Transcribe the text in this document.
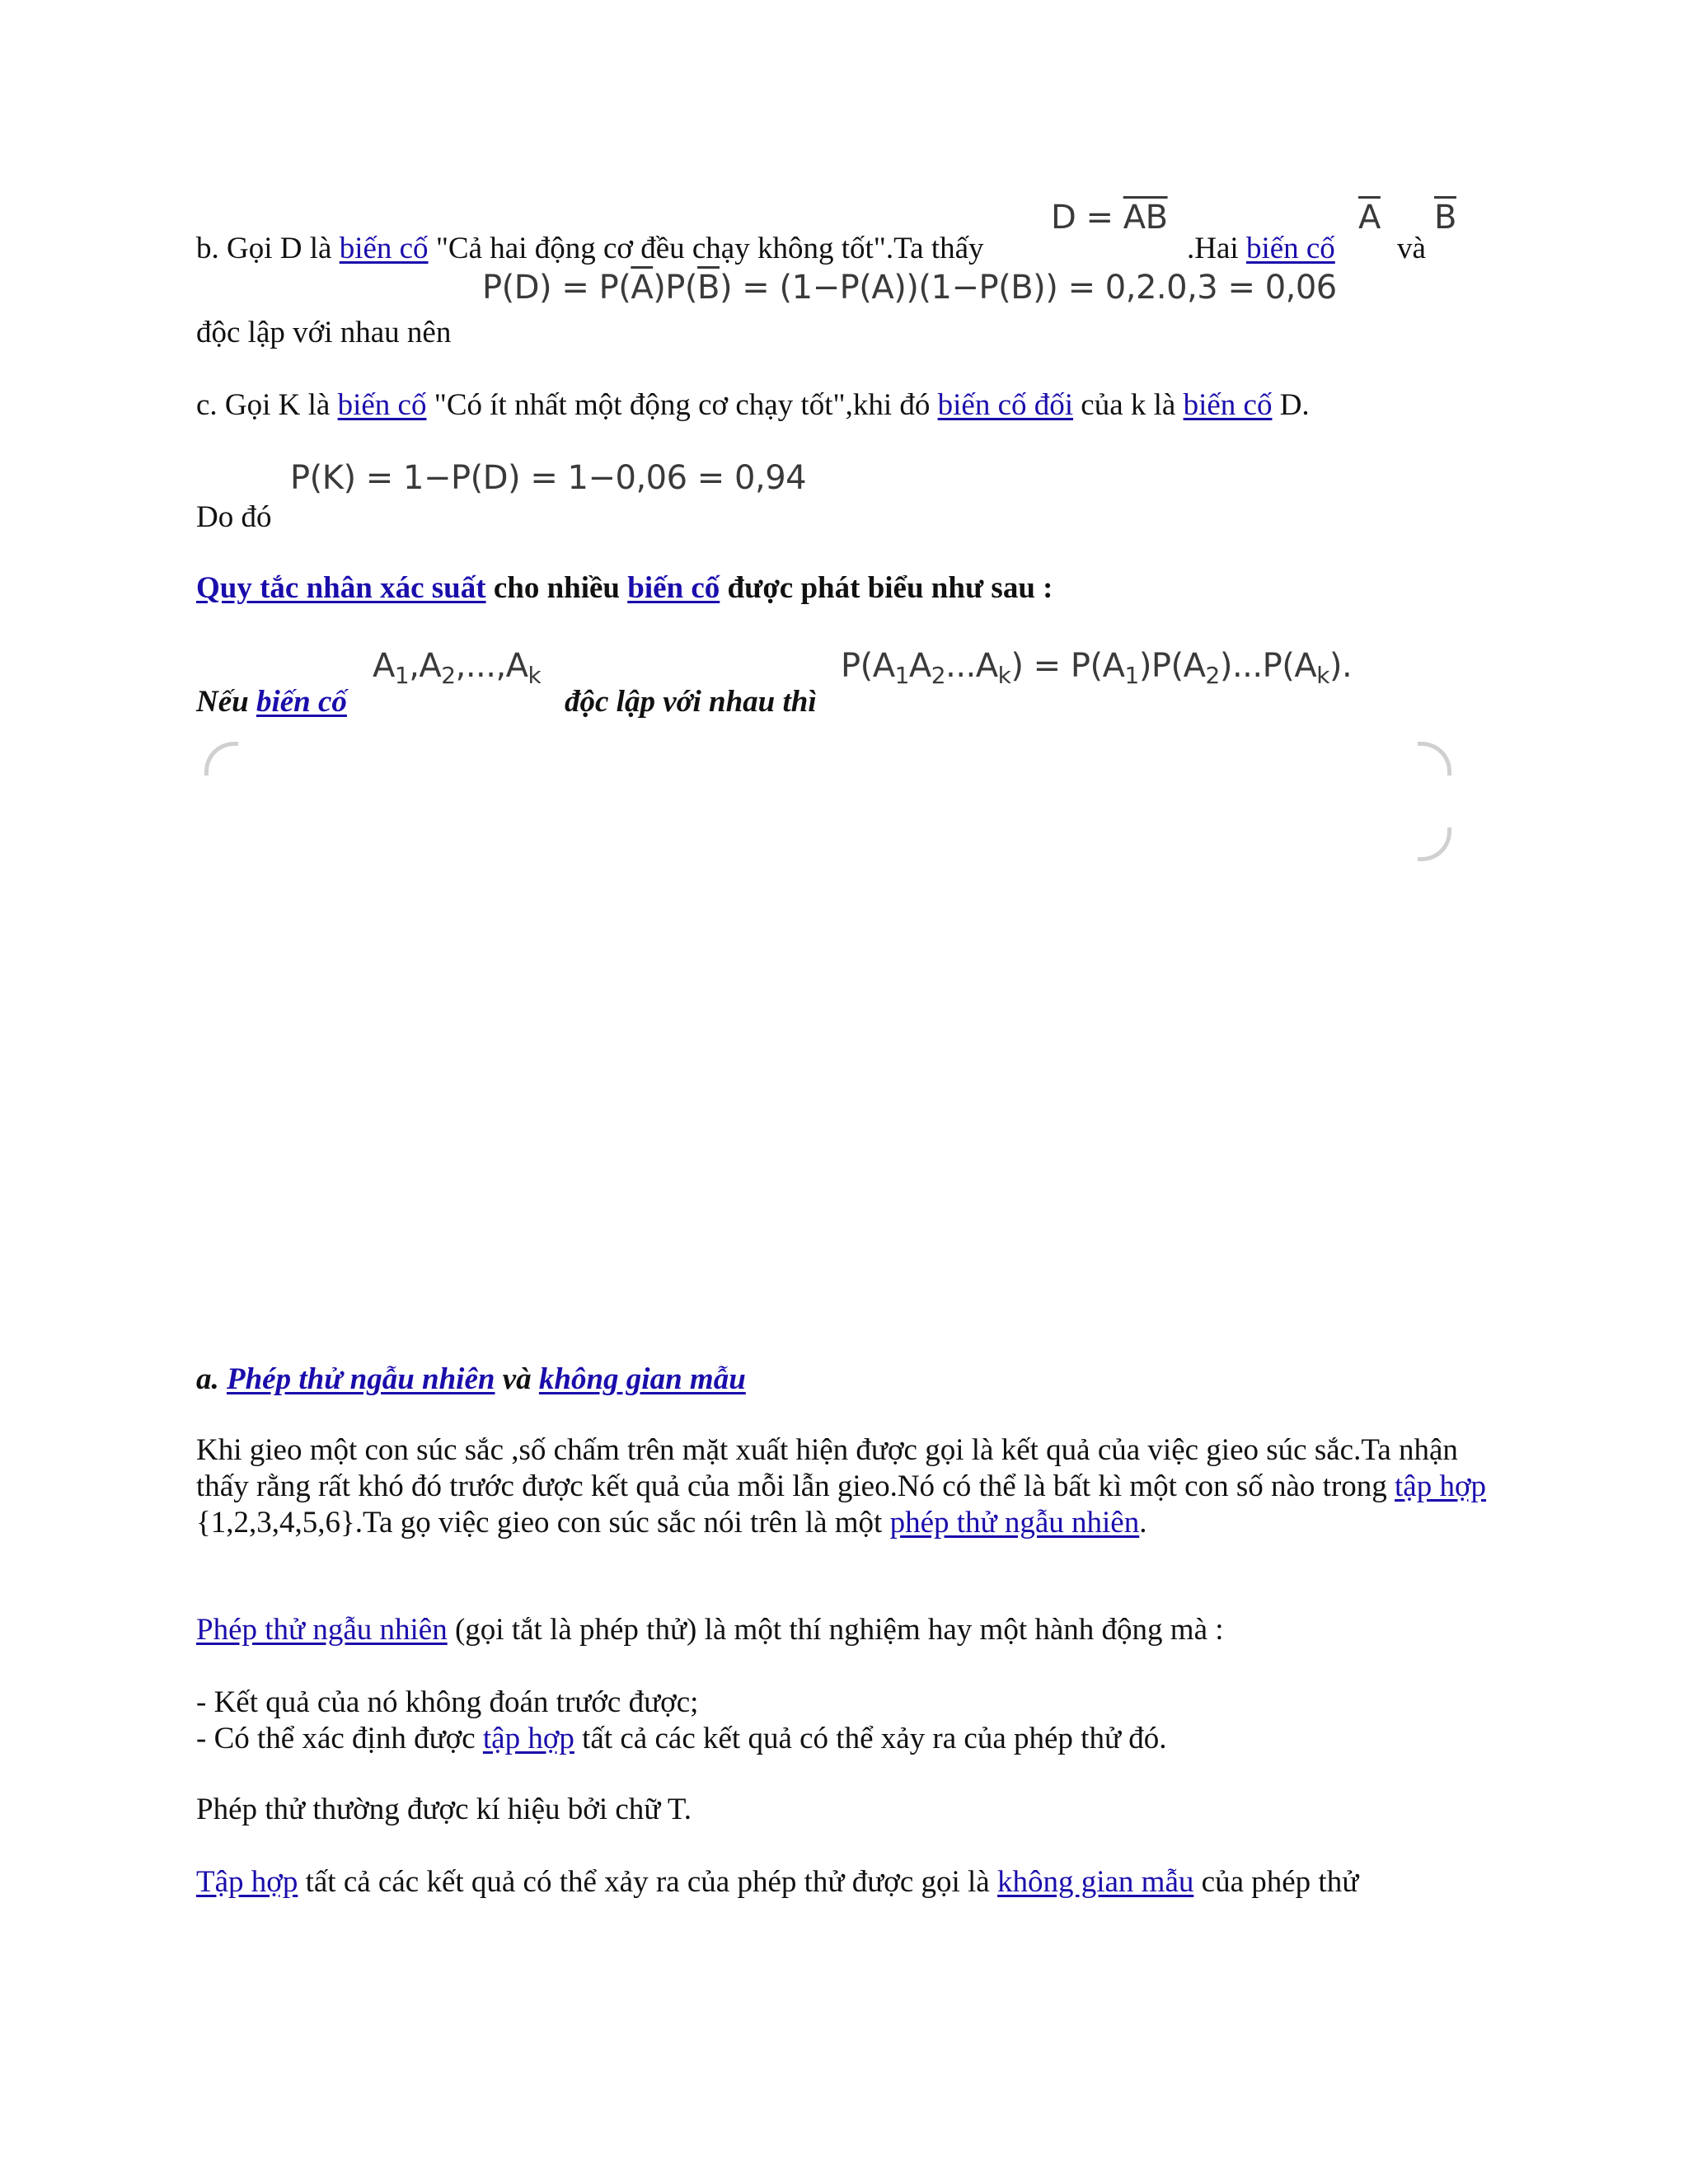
b. Gọi D là biến cố "Cả hai động cơ đều chạy không tốt".Ta thấy
$D = \overline{AB}$
.Hai biến cố
$\overline{A}$
và
$\overline{B}$
$P(D) = P(\overline{A})P(\overline{B}) = (1-P(A))(1-P(B)) = 0,2.0,3 = 0,06$
độc lập với nhau nên
c. Gọi K là biến cố "Có ít nhất một động cơ chạy tốt",khi đó biến cố đối của k là biến cố D.
P(K) = 1−P(D) = 1−0,06 = 0,94
Do đó
Quy tắc nhân xác suất cho nhiều biến cố được phát biểu như sau :
Nếu biến cố
$A_1,A_2,...,A_k$
độc lập với nhau thì
$P(A_1A_2...A_k) = P(A_1)P(A_2)...P(A_k)$.
a. Phép thử ngẫu nhiên và không gian mẫu
Khi gieo một con súc sắc ,số chấm trên mặt xuất hiện được gọi là kết quả của việc gieo súc sắc.Ta nhận thấy rằng rất khó đó trước được kết quả của mỗi lẫn gieo.Nó có thể là bất kì một con số nào trong tập hợp {1,2,3,4,5,6}.Ta gọ việc gieo con súc sắc nói trên là một phép thử ngẫu nhiên.
Phép thử ngẫu nhiên (gọi tắt là phép thử) là một thí nghiệm hay một hành động mà :
- Kết quả của nó không đoán trước được;
- Có thể xác định được tập hợp tất cả các kết quả có thể xảy ra của phép thử đó.
Phép thử thường được kí hiệu bởi chữ T.
Tập hợp tất cả các kết quả có thể xảy ra của phép thử được gọi là không gian mẫu của phép thử
